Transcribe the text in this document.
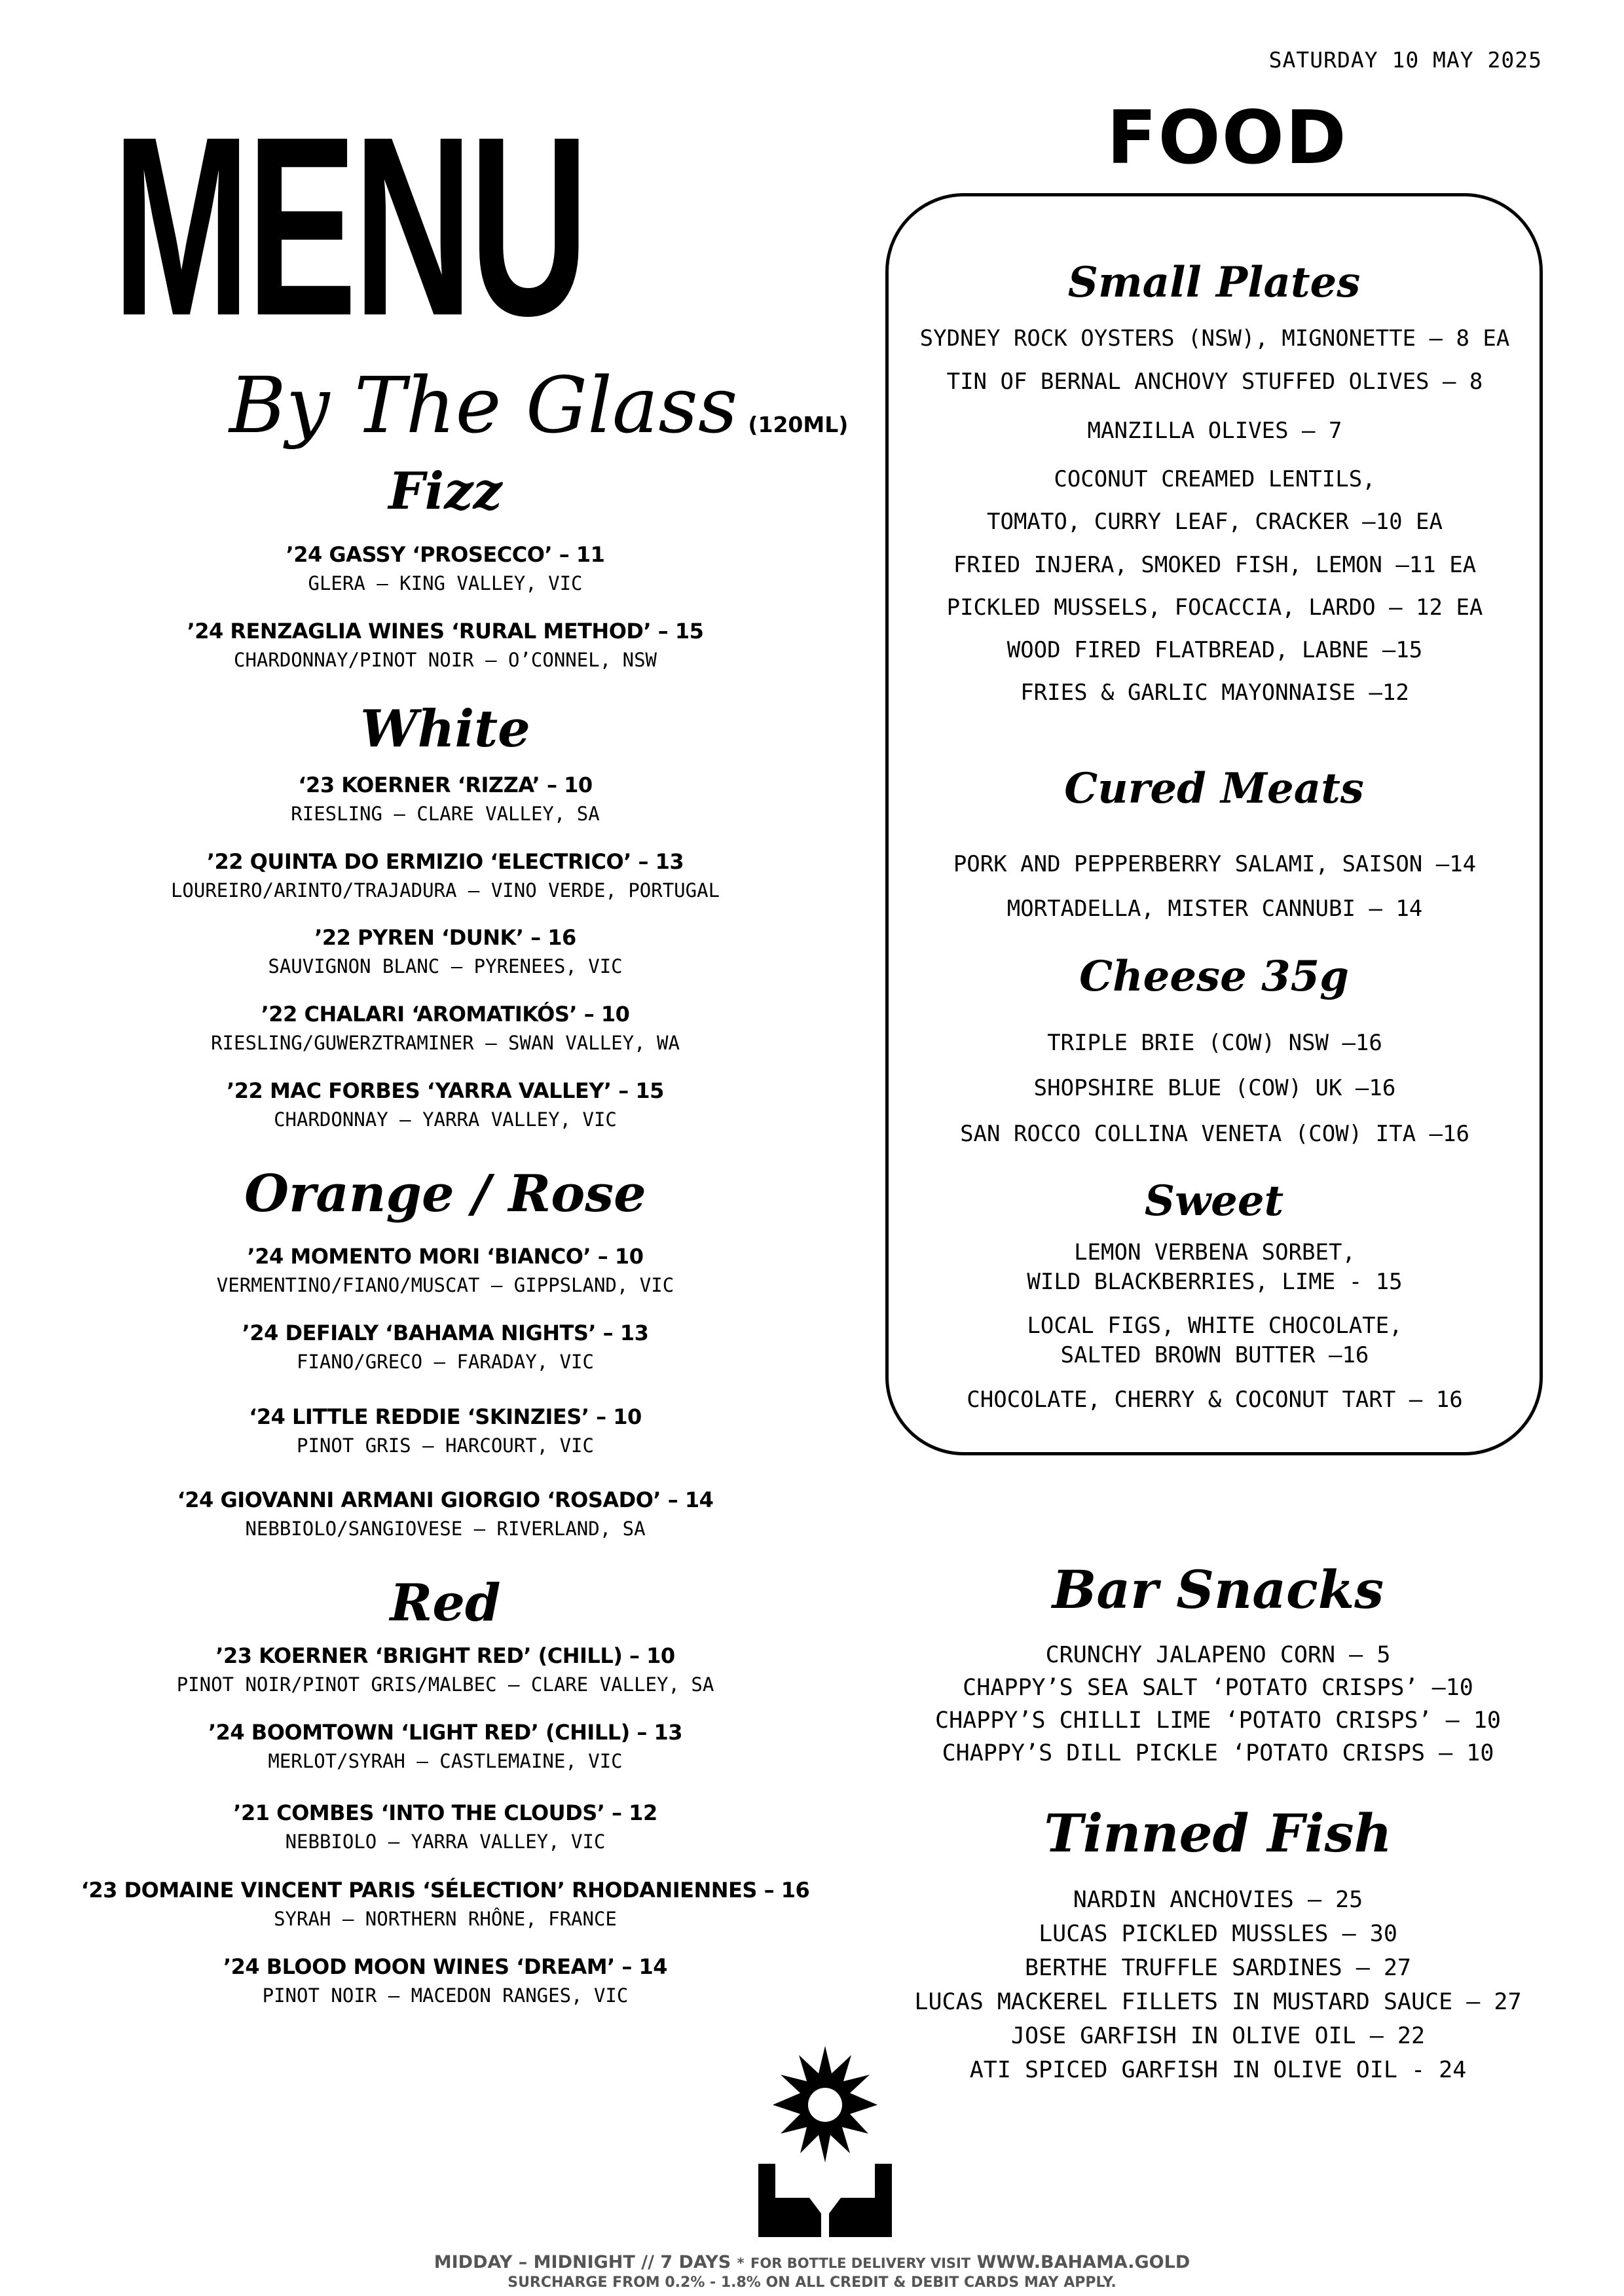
SATURDAY 10 MAY 2025
MENU
By The Glass (120ML)
Fizz
’24 GASSY ‘PROSECCO’ – 11
GLERA — KING VALLEY, VIC
’24 RENZAGLIA WINES ‘RURAL METHOD’ – 15
CHARDONNAY/PINOT NOIR — O’CONNEL, NSW
White
‘23 KOERNER ‘RIZZA’ – 10
RIESLING — CLARE VALLEY, SA
’22 QUINTA DO ERMIZIO ‘ELECTRICO’ – 13
LOUREIRO/ARINTO/TRAJADURA — VINO VERDE, PORTUGAL
’22 PYREN ‘DUNK’ – 16
SAUVIGNON BLANC — PYRENEES, VIC
’22 CHALARI ‘AROMATIKÓS’ – 10
RIESLING/GUWERZTRAMINER — SWAN VALLEY, WA
’22 MAC FORBES ‘YARRA VALLEY’ – 15
CHARDONNAY — YARRA VALLEY, VIC
Orange / Rose
’24 MOMENTO MORI ‘BIANCO’ – 10
VERMENTINO/FIANO/MUSCAT — GIPPSLAND, VIC
’24 DEFIALY ‘BAHAMA NIGHTS’ – 13
FIANO/GRECO — FARADAY, VIC
‘24 LITTLE REDDIE ‘SKINZIES’ – 10
PINOT GRIS — HARCOURT, VIC
‘24 GIOVANNI ARMANI GIORGIO ‘ROSADO’ – 14
NEBBIOLO/SANGIOVESE — RIVERLAND, SA
Red
’23 KOERNER ‘BRIGHT RED’ (CHILL) – 10
PINOT NOIR/PINOT GRIS/MALBEC — CLARE VALLEY, SA
’24 BOOMTOWN ‘LIGHT RED’ (CHILL) – 13
MERLOT/SYRAH — CASTLEMAINE, VIC
’21 COMBES ‘INTO THE CLOUDS’ – 12
NEBBIOLO — YARRA VALLEY, VIC
‘23 DOMAINE VINCENT PARIS ‘SÉLECTION’ RHODANIENNES – 16
SYRAH — NORTHERN RHÔNE, FRANCE
’24 BLOOD MOON WINES ‘DREAM’ – 14
PINOT NOIR — MACEDON RANGES, VIC
FOOD
Small Plates
SYDNEY ROCK OYSTERS (NSW), MIGNONETTE — 8 EA
TIN OF BERNAL ANCHOVY STUFFED OLIVES — 8
MANZILLA OLIVES — 7
COCONUT CREAMED LENTILS,
TOMATO, CURRY LEAF, CRACKER —10 EA
FRIED INJERA, SMOKED FISH, LEMON —11 EA
PICKLED MUSSELS, FOCACCIA, LARDO — 12 EA
WOOD FIRED FLATBREAD, LABNE —15
FRIES & GARLIC MAYONNAISE —12
Cured Meats
PORK AND PEPPERBERRY SALAMI, SAISON —14
MORTADELLA, MISTER CANNUBI — 14
Cheese 35g
TRIPLE BRIE (COW) NSW —16
SHOPSHIRE BLUE (COW) UK —16
SAN ROCCO COLLINA VENETA (COW) ITA —16
Sweet
LEMON VERBENA SORBET,
WILD BLACKBERRIES, LIME - 15
LOCAL FIGS, WHITE CHOCOLATE,
SALTED BROWN BUTTER —16
CHOCOLATE, CHERRY & COCONUT TART — 16
Bar Snacks
CRUNCHY JALAPENO CORN — 5
CHAPPY’S SEA SALT ‘POTATO CRISPS’ —10
CHAPPY’S CHILLI LIME ‘POTATO CRISPS’ — 10
CHAPPY’S DILL PICKLE ‘POTATO CRISPS — 10
Tinned Fish
NARDIN ANCHOVIES — 25
LUCAS PICKLED MUSSLES — 30
BERTHE TRUFFLE SARDINES — 27
LUCAS MACKEREL FILLETS IN MUSTARD SAUCE — 27
JOSE GARFISH IN OLIVE OIL — 22
ATI SPICED GARFISH IN OLIVE OIL - 24
MIDDAY – MIDNIGHT // 7 DAYS * FOR BOTTLE DELIVERY VISIT WWW.BAHAMA.GOLD
SURCHARGE FROM 0.2% - 1.8% ON ALL CREDIT & DEBIT CARDS MAY APPLY.
